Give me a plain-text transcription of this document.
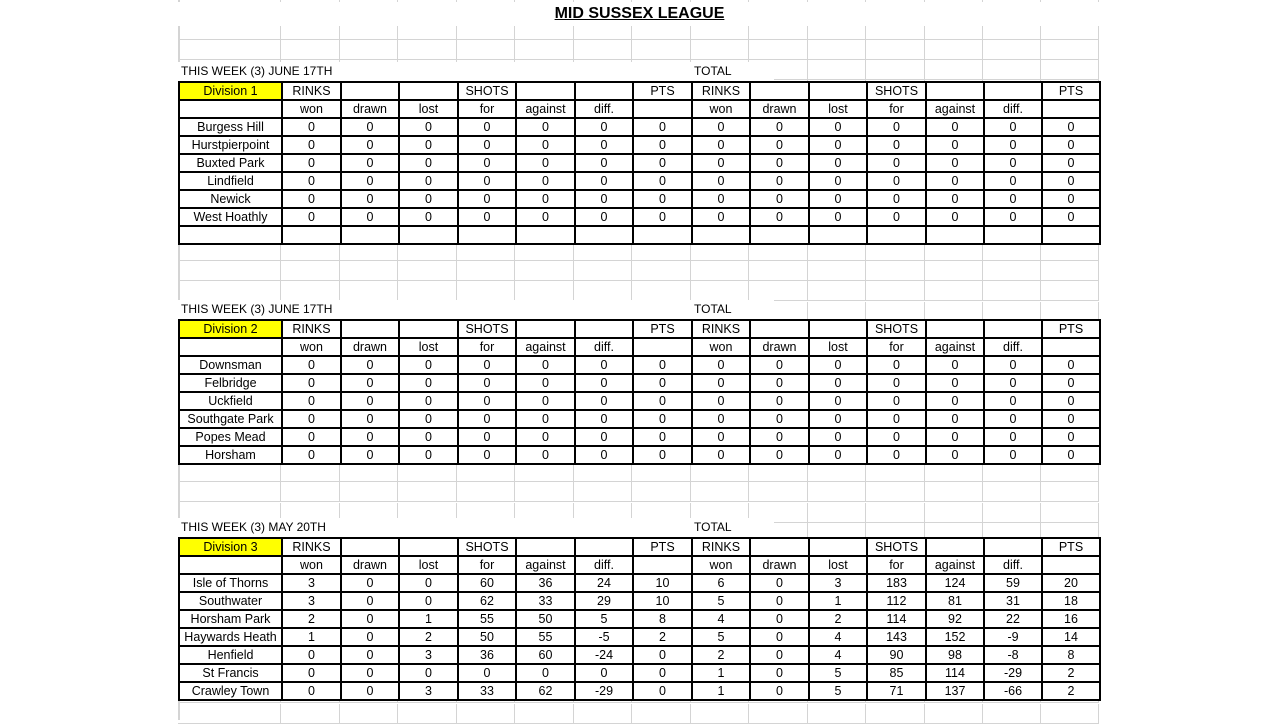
THIS WEEK (3) JUNE 17TH	TOTAL
Division 1	RINKS			SHOTS			PTS	RINKS			SHOTS			PTS
	won	drawn	lost	for	against	diff.		won	drawn	lost	for	against	diff.	
Burgess Hill	0	0	0	0	0	0	0	0	0	0	0	0	0	0
Hurstpierpoint	0	0	0	0	0	0	0	0	0	0	0	0	0	0
Buxted Park	0	0	0	0	0	0	0	0	0	0	0	0	0	0
Lindfield	0	0	0	0	0	0	0	0	0	0	0	0	0	0
Newick	0	0	0	0	0	0	0	0	0	0	0	0	0	0
West Hoathly	0	0	0	0	0	0	0	0	0	0	0	0	0	0

THIS WEEK (3) JUNE 17TH	TOTAL
Division 2	RINKS			SHOTS			PTS	RINKS			SHOTS			PTS
	won	drawn	lost	for	against	diff.		won	drawn	lost	for	against	diff.	
Downsman	0	0	0	0	0	0	0	0	0	0	0	0	0	0
Felbridge	0	0	0	0	0	0	0	0	0	0	0	0	0	0
Uckfield	0	0	0	0	0	0	0	0	0	0	0	0	0	0
Southgate Park	0	0	0	0	0	0	0	0	0	0	0	0	0	0
Popes Mead	0	0	0	0	0	0	0	0	0	0	0	0	0	0
Horsham	0	0	0	0	0	0	0	0	0	0	0	0	0	0
THIS WEEK (3) MAY 20TH	TOTAL
Division 3	RINKS			SHOTS			PTS	RINKS			SHOTS			PTS
	won	drawn	lost	for	against	diff.		won	drawn	lost	for	against	diff.	
Isle of Thorns	3	0	0	60	36	24	10	6	0	3	183	124	59	20
Southwater	3	0	0	62	33	29	10	5	0	1	112	81	31	18
Horsham Park	2	0	1	55	50	5	8	4	0	2	114	92	22	16
Haywards Heath	1	0	2	50	55	-5	2	5	0	4	143	152	-9	14
Henfield	0	0	3	36	60	-24	0	2	0	4	90	98	-8	8
St Francis	0	0	0	0	0	0	0	1	0	5	85	114	-29	2
Crawley Town	0	0	3	33	62	-29	0	1	0	5	71	137	-66	2
MID SUSSEX LEAGUE
